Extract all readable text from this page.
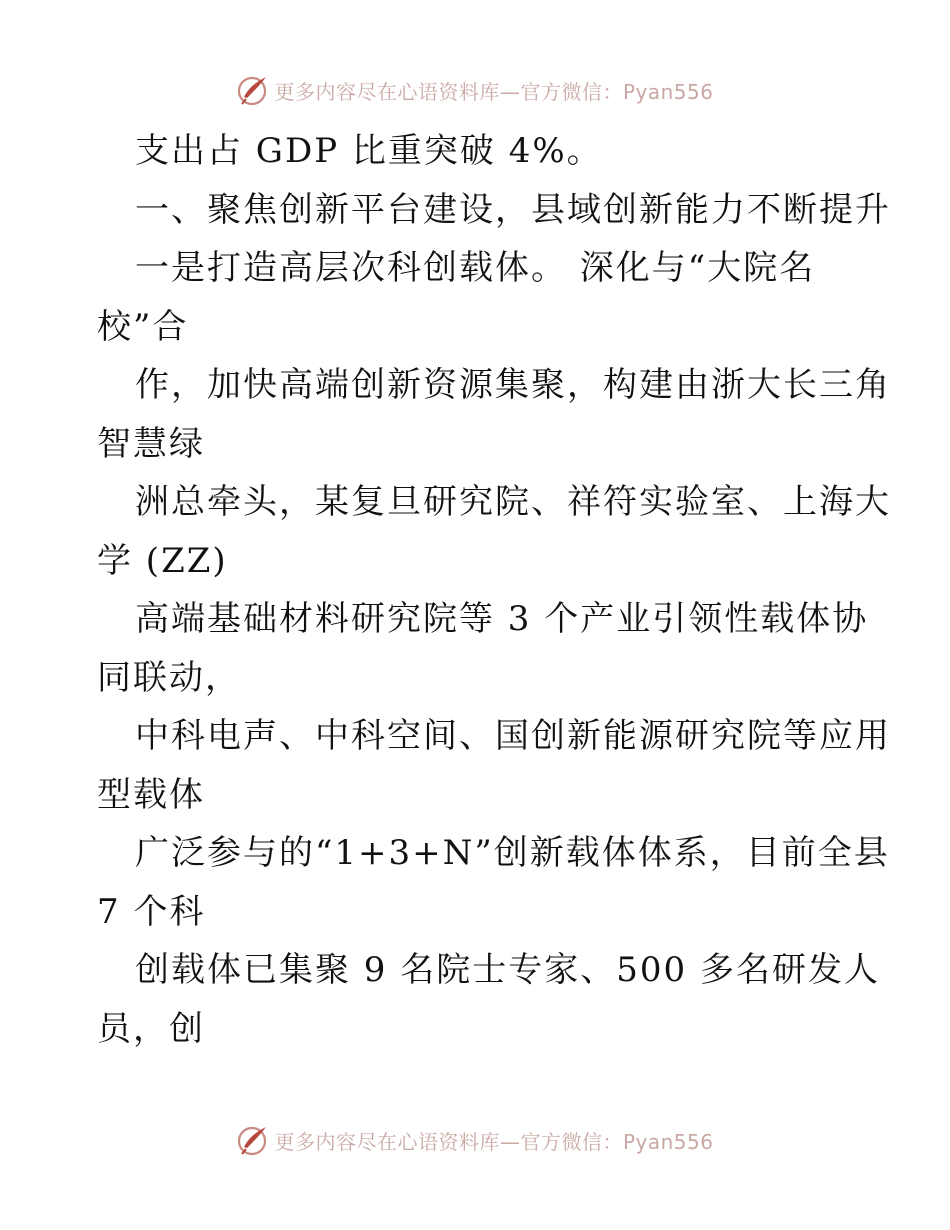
更多内容尽在心语资料库—官方微信：Pyan556
支出占 GDP 比重突破 4%。
一、聚焦创新平台建设，县域创新能力不断提升
一是打造高层次科创载体。 深化与“大院名
校”合
作，加快高端创新资源集聚，构建由浙大长三角
智慧绿
洲总牵头，某复旦研究院、祥符实验室、上海大
学 (ZZ)
高端基础材料研究院等 3 个产业引领性载体协
同联动，
中科电声、中科空间、国创新能源研究院等应用
型载体
广泛参与的“1+3+N”创新载体体系，目前全县
7 个科
创载体已集聚 9 名院士专家、500 多名研发人
员，创
更多内容尽在心语资料库—官方微信：Pyan556
